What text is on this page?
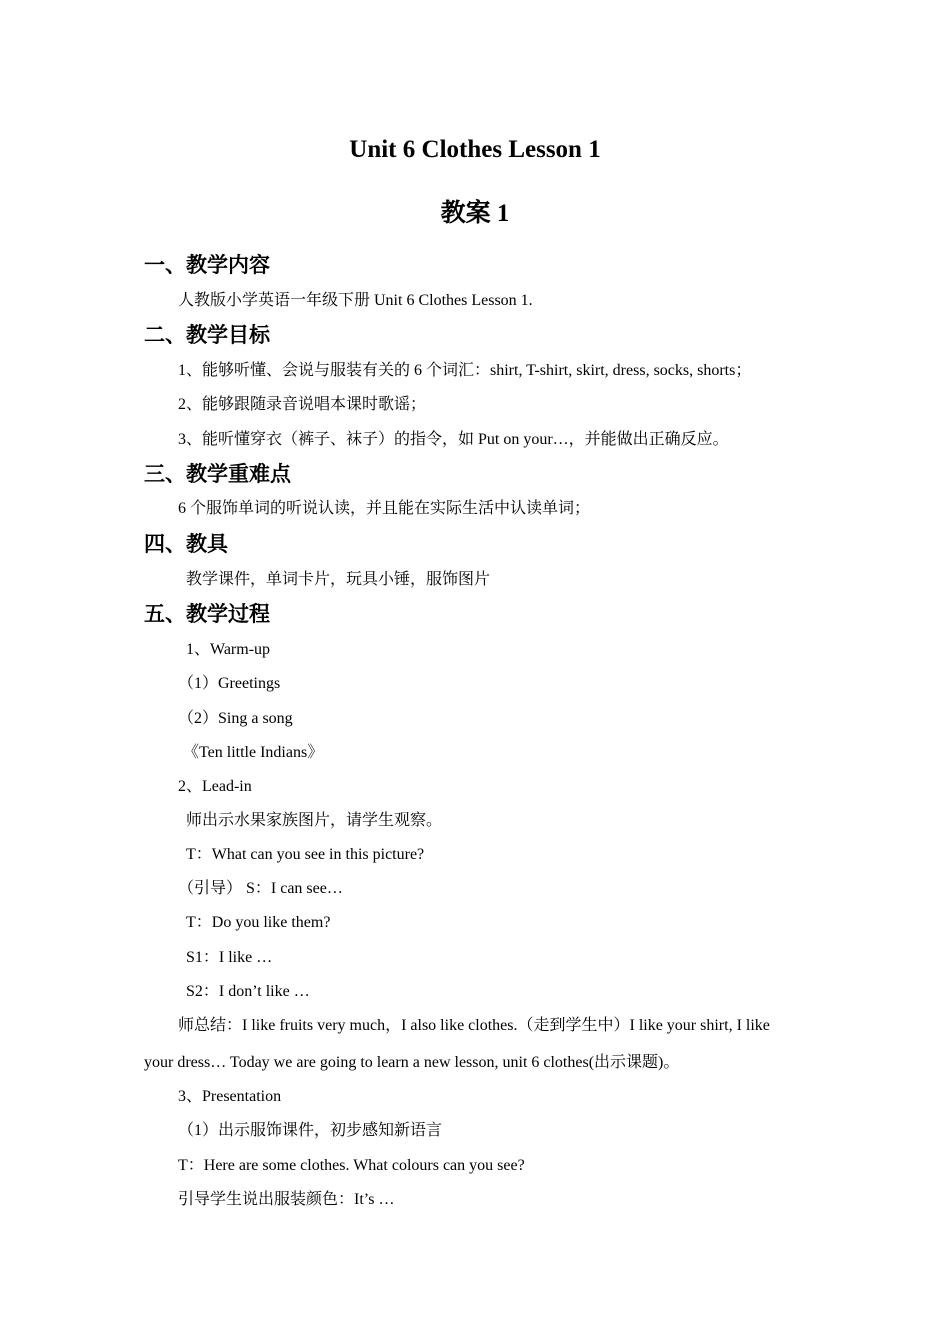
Unit 6 Clothes Lesson 1
教案 1
一、教学内容
人教版小学英语一年级下册 Unit 6 Clothes Lesson 1.
二、教学目标
1、能够听懂、会说与服装有关的 6 个词汇：shirt, T-shirt, skirt, dress, socks, shorts；
2、能够跟随录音说唱本课时歌谣；
3、能听懂穿衣（裤子、袜子）的指令，如 Put on your…，并能做出正确反应。
三、教学重难点
6 个服饰单词的听说认读，并且能在实际生活中认读单词；
四、教具
教学课件，单词卡片，玩具小锤，服饰图片
五、教学过程
1、Warm-up
（1）Greetings
（2）Sing a song
《Ten little Indians》
2、Lead-in
师出示水果家族图片，请学生观察。
T：What can you see in this picture?
（引导） S：I can see…
T：Do you like them?
S1：I like …
S2：I don’t like …
师总结：I like fruits very much，I also like clothes.（走到学生中）I like your shirt, I like
your dress… Today we are going to learn a new lesson, unit 6 clothes(出示课题)。
3、Presentation
（1）出示服饰课件，初步感知新语言
T：Here are some clothes. What colours can you see?
引导学生说出服装颜色：It’s …
